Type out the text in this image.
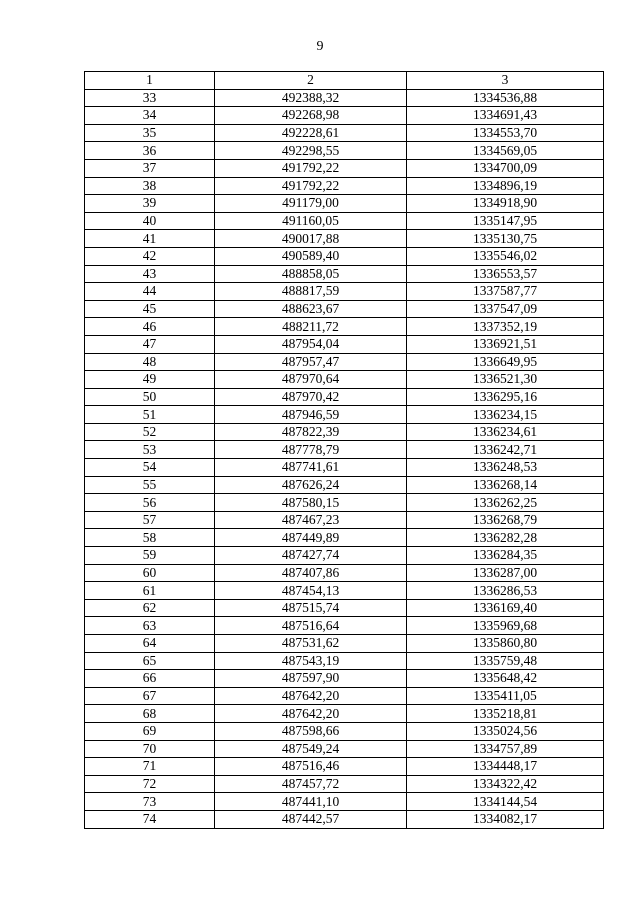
9
1	2	3
33	492388,32	1334536,88
34	492268,98	1334691,43
35	492228,61	1334553,70
36	492298,55	1334569,05
37	491792,22	1334700,09
38	491792,22	1334896,19
39	491179,00	1334918,90
40	491160,05	1335147,95
41	490017,88	1335130,75
42	490589,40	1335546,02
43	488858,05	1336553,57
44	488817,59	1337587,77
45	488623,67	1337547,09
46	488211,72	1337352,19
47	487954,04	1336921,51
48	487957,47	1336649,95
49	487970,64	1336521,30
50	487970,42	1336295,16
51	487946,59	1336234,15
52	487822,39	1336234,61
53	487778,79	1336242,71
54	487741,61	1336248,53
55	487626,24	1336268,14
56	487580,15	1336262,25
57	487467,23	1336268,79
58	487449,89	1336282,28
59	487427,74	1336284,35
60	487407,86	1336287,00
61	487454,13	1336286,53
62	487515,74	1336169,40
63	487516,64	1335969,68
64	487531,62	1335860,80
65	487543,19	1335759,48
66	487597,90	1335648,42
67	487642,20	1335411,05
68	487642,20	1335218,81
69	487598,66	1335024,56
70	487549,24	1334757,89
71	487516,46	1334448,17
72	487457,72	1334322,42
73	487441,10	1334144,54
74	487442,57	1334082,17
